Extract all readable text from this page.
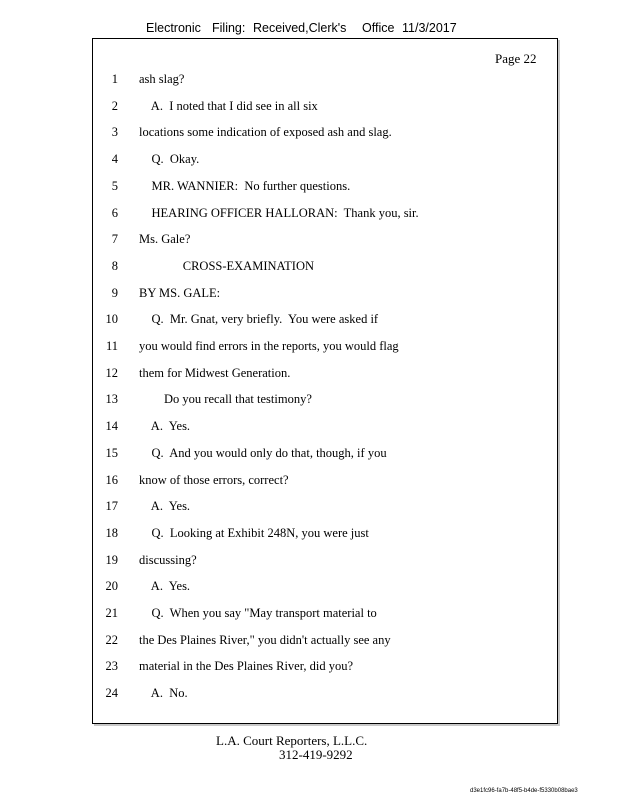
Electronic Filing: Received,Clerk's Office 11/3/2017
Page 22
1 ash slag?
2 A.  I noted that I did see in all six
3 locations some indication of exposed ash and slag.
4 Q.  Okay.
5 MR. WANNIER:  No further questions.
6 HEARING OFFICER HALLORAN:  Thank you, sir.
7 Ms. Gale?
8 CROSS-EXAMINATION
9 BY MS. GALE:
10 Q.  Mr. Gnat, very briefly.  You were asked if
11 you would find errors in the reports, you would flag
12 them for Midwest Generation.
13 Do you recall that testimony?
14 A.  Yes.
15 Q.  And you would only do that, though, if you
16 know of those errors, correct?
17 A.  Yes.
18 Q.  Looking at Exhibit 248N, you were just
19 discussing?
20 A.  Yes.
21 Q.  When you say "May transport material to
22 the Des Plaines River," you didn't actually see any
23 material in the Des Plaines River, did you?
24 A.  No.
L.A. Court Reporters, L.L.C.
312-419-9292
d3e1fc96-fa7b-48f5-b4de-f5330b08bae3
